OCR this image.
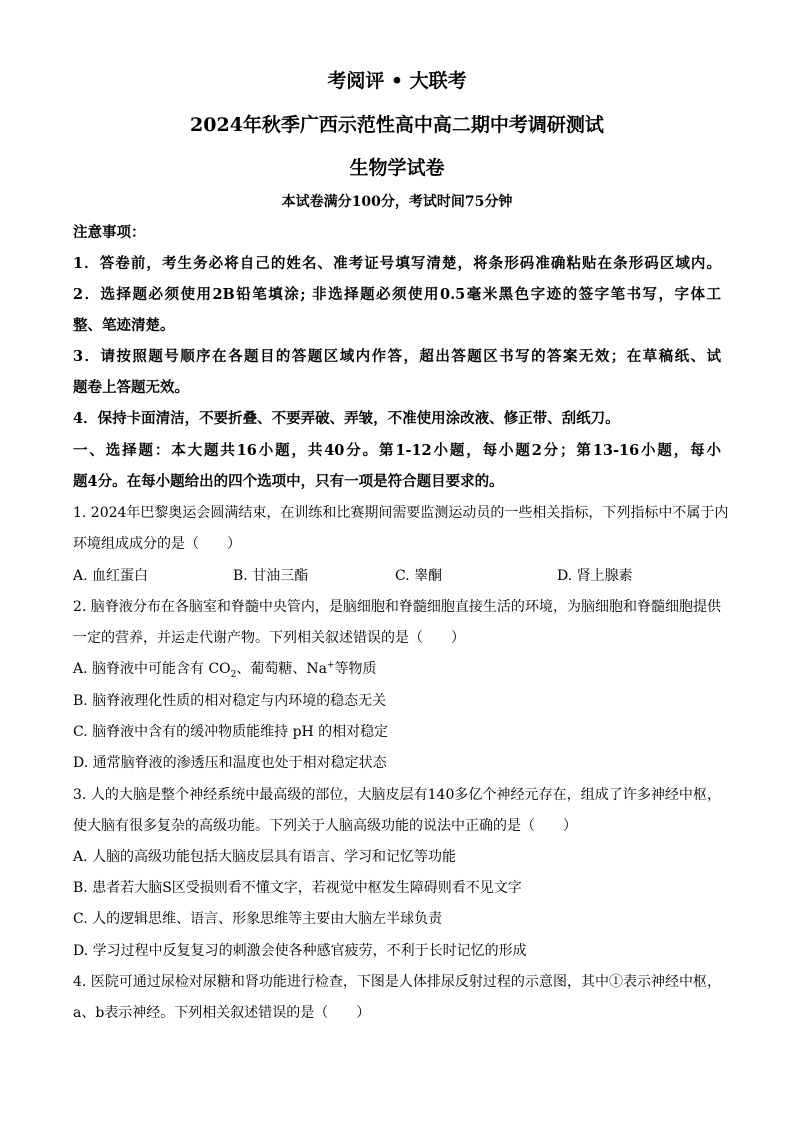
考阅评 • 大联考
2024年秋季广西示范性高中高二期中考调研测试
生物学试卷
本试卷满分100分，考试时间75分钟
注意事项：
1．答卷前，考生务必将自己的姓名、准考证号填写清楚，将条形码准确粘贴在条形码区域内。
2．选择题必须使用2B铅笔填涂; 非选择题必须使用0.5毫米黑色字迹的签字笔书写，字体工
整、笔迹清楚。
3．请按照题号顺序在各题目的答题区域内作答，超出答题区书写的答案无效；在草稿纸、试
题卷上答题无效。
4．保持卡面清洁，不要折叠、不要弄破、弄皱，不准使用涂改液、修正带、刮纸刀。
一、选择题：本大题共16小题，共40分。第1-12小题，每小题2分；第13-16小题，每小
题4分。在每小题给出的四个选项中，只有一项是符合题目要求的。
1. 2024年巴黎奥运会圆满结束，在训练和比赛期间需要监测运动员的一些相关指标，下列指标中不属于内
环境组成成分的是（　　）
A. 血红蛋白	B. 甘油三酯	C. 睾酮	D. 肾上腺素
2. 脑脊液分布在各脑室和脊髓中央管内，是脑细胞和脊髓细胞直接生活的环境，为脑细胞和脊髓细胞提供
一定的营养，并运走代谢产物。下列相关叙述错误的是（　　）
A. 脑脊液中可能含有 $CO_2$、葡萄糖、Na+等物质
B. 脑脊液理化性质的相对稳定与内环境的稳态无关
C. 脑脊液中含有的缓冲物质能维持 pH 的相对稳定
D. 通常脑脊液的渗透压和温度也处于相对稳定状态
3. 人的大脑是整个神经系统中最高级的部位，大脑皮层有140多亿个神经元存在，组成了许多神经中枢，
使大脑有很多复杂的高级功能。下列关于人脑高级功能的说法中正确的是（　　）
A. 人脑的高级功能包括大脑皮层具有语言、学习和记忆等功能
B. 患者若大脑S区受损则看不懂文字，若视觉中枢发生障碍则看不见文字
C. 人的逻辑思维、语言、形象思维等主要由大脑左半球负责
D. 学习过程中反复复习的刺激会使各种感官疲劳，不利于长时记忆的形成
4. 医院可通过尿检对尿糖和肾功能进行检查，下图是人体排尿反射过程的示意图，其中①表示神经中枢，
a、b表示神经。下列相关叙述错误的是（　　）
